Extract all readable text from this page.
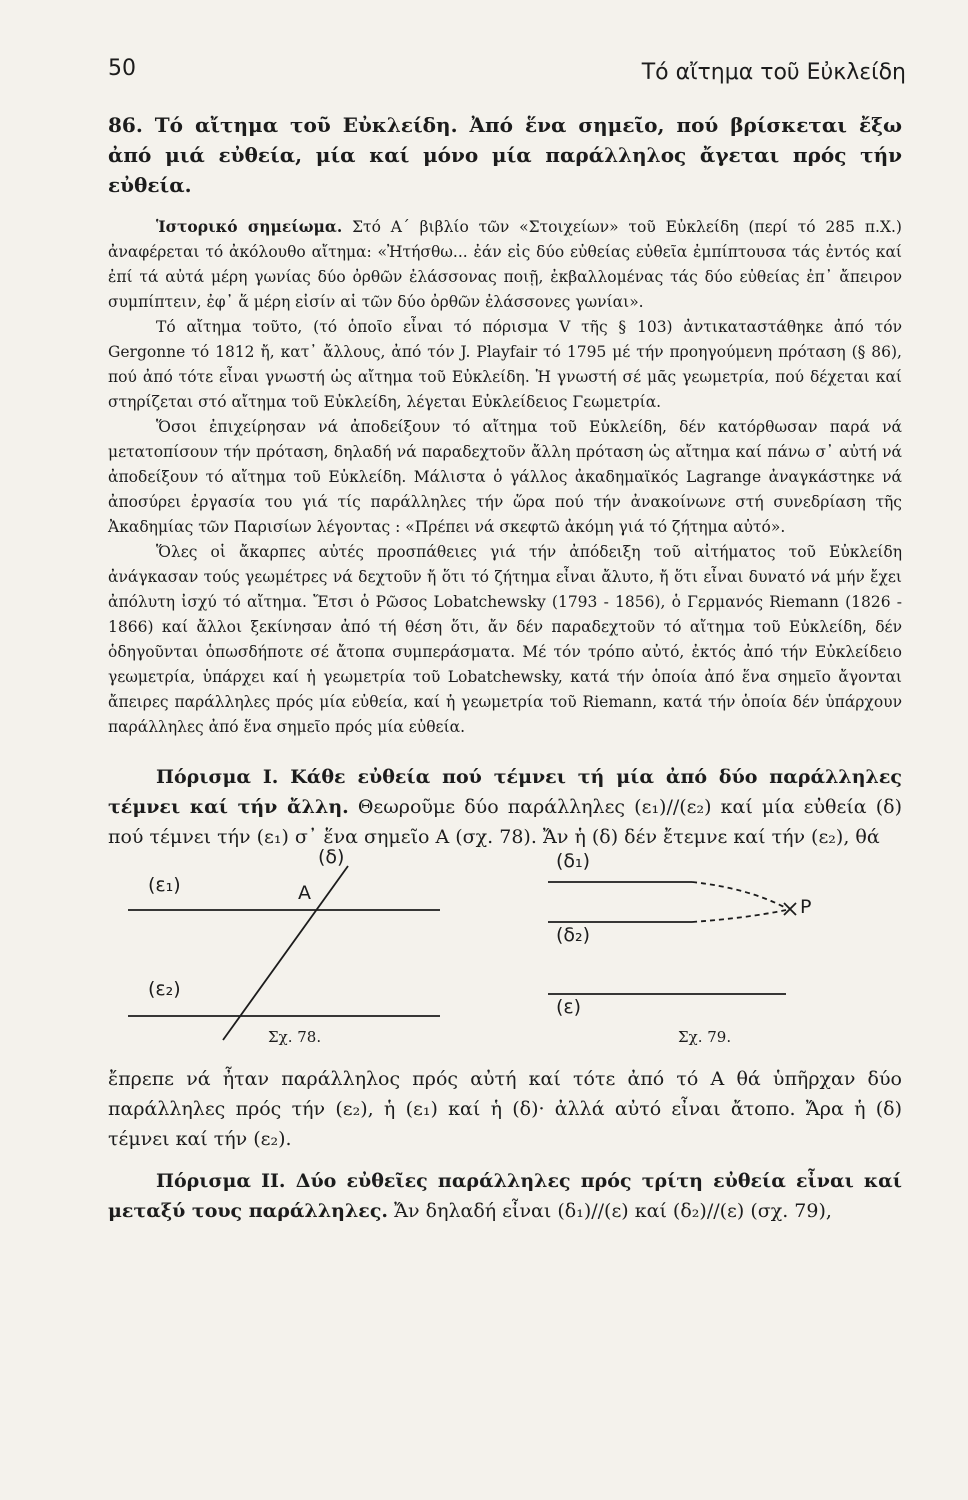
50	Τό αἴτημα τοῦ Εὐκλείδη

86. Τό αἴτημα τοῦ Εὐκλείδη. Ἀπό ἕνα σημεῖο, πού βρίσκεται ἔξω ἀπό μιά εὐθεία, μία καί μόνο μία παράλληλος ἄγεται πρός τήν εὐθεία.

Ἱστορικό σημείωμα. Στό Α΄ βιβλίο τῶν «Στοιχείων» τοῦ Εὐκλείδη (περί τό 285 π.Χ.) ἀναφέρεται τό ἀκόλουθο αἴτημα: «Ἠτήσθω... ἐάν εἰς δύο εὐθείας εὐθεῖα ἐμπίπτουσα τάς ἐντός καί ἐπί τά αὐτά μέρη γωνίας δύο ὀρθῶν ἐλάσσονας ποιῇ, ἐκβαλλομένας τάς δύο εὐθείας ἐπ᾿ ἄπειρον συμπίπτειν, ἐφ᾿ ἅ μέρη εἰσίν αἱ τῶν δύο ὀρθῶν ἐλάσσονες γωνίαι».

Τό αἴτημα τοῦτο, (τό ὁποῖο εἶναι τό πόρισμα V τῆς § 103) ἀντικαταστάθηκε ἀπό τόν Gergonne τό 1812 ἤ, κατ᾿ ἄλλους, ἀπό τόν J. Playfair τό 1795 μέ τήν προηγούμενη πρόταση (§ 86), πού ἀπό τότε εἶναι γνωστή ὡς αἴτημα τοῦ Εὐκλείδη. Ἡ γνωστή σέ μᾶς γεωμετρία, πού δέχεται καί στηρίζεται στό αἴτημα τοῦ Εὐκλείδη, λέγεται Εὐκλείδειος Γεωμετρία.

Ὅσοι ἐπιχείρησαν νά ἀποδείξουν τό αἴτημα τοῦ Εὐκλείδη, δέν κατόρθωσαν παρά νά μετατοπίσουν τήν πρόταση, δηλαδή νά παραδεχτοῦν ἄλλη πρόταση ὡς αἴτημα καί πάνω σ᾿ αὐτή νά ἀποδείξουν τό αἴτημα τοῦ Εὐκλείδη. Μάλιστα ὁ γάλλος ἀκαδημαϊκός Lagrange ἀναγκάστηκε νά ἀποσύρει ἐργασία του γιά τίς παράλληλες τήν ὥρα πού τήν ἀνακοίνωνε στή συνεδρίαση τῆς Ἀκαδημίας τῶν Παρισίων λέγοντας : «Πρέπει νά σκεφτῶ ἀκόμη γιά τό ζήτημα αὐτό».

Ὅλες οἱ ἄκαρπες αὐτές προσπάθειες γιά τήν ἀπόδειξη τοῦ αἰτήματος τοῦ Εὐκλείδη ἀνάγκασαν τούς γεωμέτρες νά δεχτοῦν ἤ ὅτι τό ζήτημα εἶναι ἄλυτο, ἤ ὅτι εἶναι δυνατό νά μήν ἔχει ἀπόλυτη ἰσχύ τό αἴτημα. Ἔτσι ὁ Ρῶσος Lobatchewsky (1793 - 1856), ὁ Γερμανός Riemann (1826 - 1866) καί ἄλλοι ξεκίνησαν ἀπό τή θέση ὅτι, ἄν δέν παραδεχτοῦν τό αἴτημα τοῦ Εὐκλείδη, δέν ὁδηγοῦνται ὁπωσδήποτε σέ ἄτοπα συμπεράσματα. Μέ τόν τρόπο αὐτό, ἐκτός ἀπό τήν Εὐκλείδειο γεωμετρία, ὑπάρχει καί ἡ γεωμετρία τοῦ Lobatchewsky, κατά τήν ὁποία ἀπό ἕνα σημεῖο ἄγονται ἄπειρες παράλληλες πρός μία εὐθεία, καί ἡ γεωμετρία τοῦ Riemann, κατά τήν ὁποία δέν ὑπάρχουν παράλληλες ἀπό ἕνα σημεῖο πρός μία εὐθεία.

Πόρισμα Ι. Κάθε εὐθεία πού τέμνει τή μία ἀπό δύο παράλληλες τέμνει καί τήν ἄλλη. Θεωροῦμε δύο παράλληλες (ε₁)//(ε₂) καί μία εὐθεία (δ) πού τέμνει τήν (ε₁) σ᾿ ἕνα σημεῖο Α (σχ. 78). Ἄν ἡ (δ) δέν ἔτεμνε καί τήν (ε₂), θά

(ε₁)
(ε₂)
(δ)
A
Σχ. 78.
(δ₁)
(δ₂)
(ε)
P
Σχ. 79.

ἔπρεπε νά ἦταν παράλληλος πρός αὐτή καί τότε ἀπό τό Α θά ὑπῆρχαν δύο παράλληλες πρός τήν (ε₂), ἡ (ε₁) καί ἡ (δ)· ἀλλά αὐτό εἶναι ἄτοπο. Ἄρα ἡ (δ) τέμνει καί τήν (ε₂).

Πόρισμα ΙΙ. Δύο εὐθεῖες παράλληλες πρός τρίτη εὐθεία εἶναι καί μεταξύ τους παράλληλες. Ἄν δηλαδή εἶναι (δ₁)//(ε) καί (δ₂)//(ε) (σχ. 79),
